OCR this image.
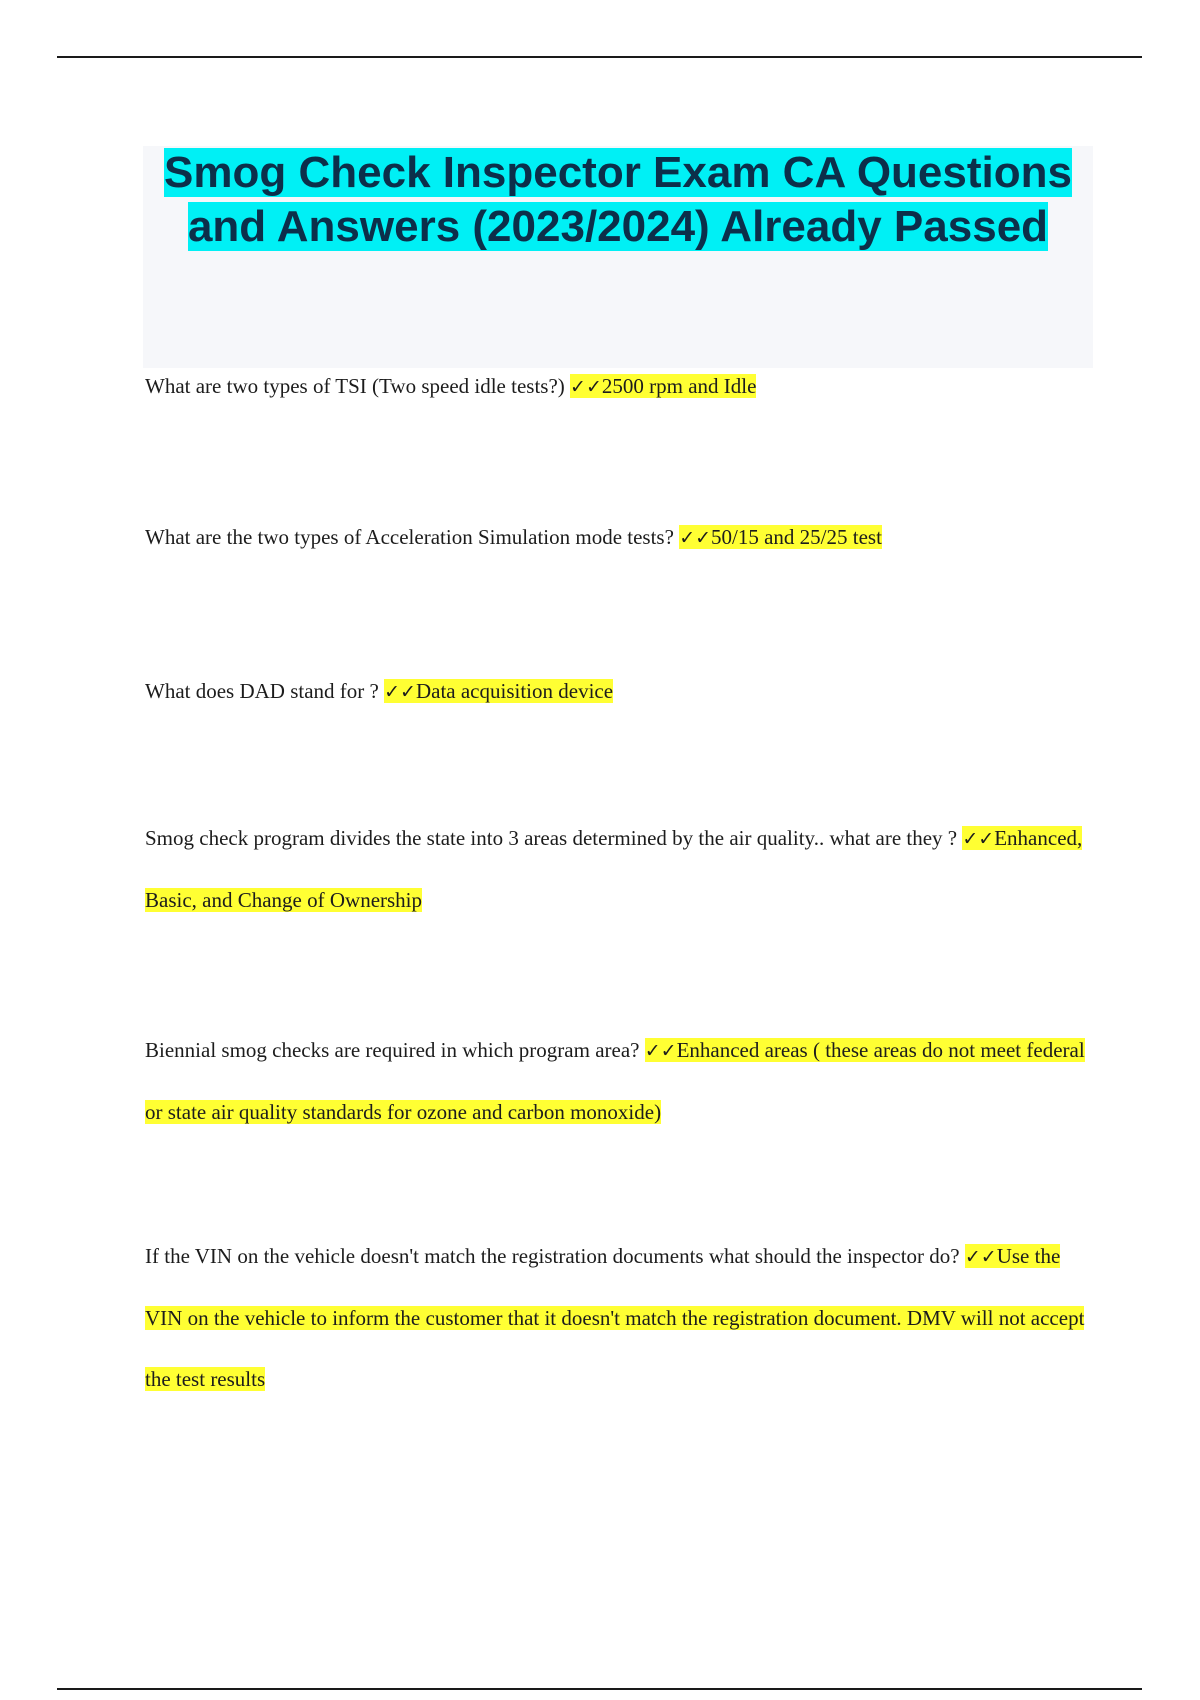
Smog Check Inspector Exam CA Questions and Answers (2023/2024) Already Passed

What are two types of TSI (Two speed idle tests?) ✓✓2500 rpm and Idle

What are the two types of Acceleration Simulation mode tests? ✓✓50/15 and 25/25 test

What does DAD stand for ? ✓✓Data acquisition device

Smog check program divides the state into 3 areas determined by the air quality.. what are they ? ✓✓Enhanced, Basic, and Change of Ownership

Biennial smog checks are required in which program area? ✓✓Enhanced areas ( these areas do not meet federal or state air quality standards for ozone and carbon monoxide)

If the VIN on the vehicle doesn't match the registration documents what should the inspector do? ✓✓Use the VIN on the vehicle to inform the customer that it doesn't match the registration document. DMV will not accept the test results
